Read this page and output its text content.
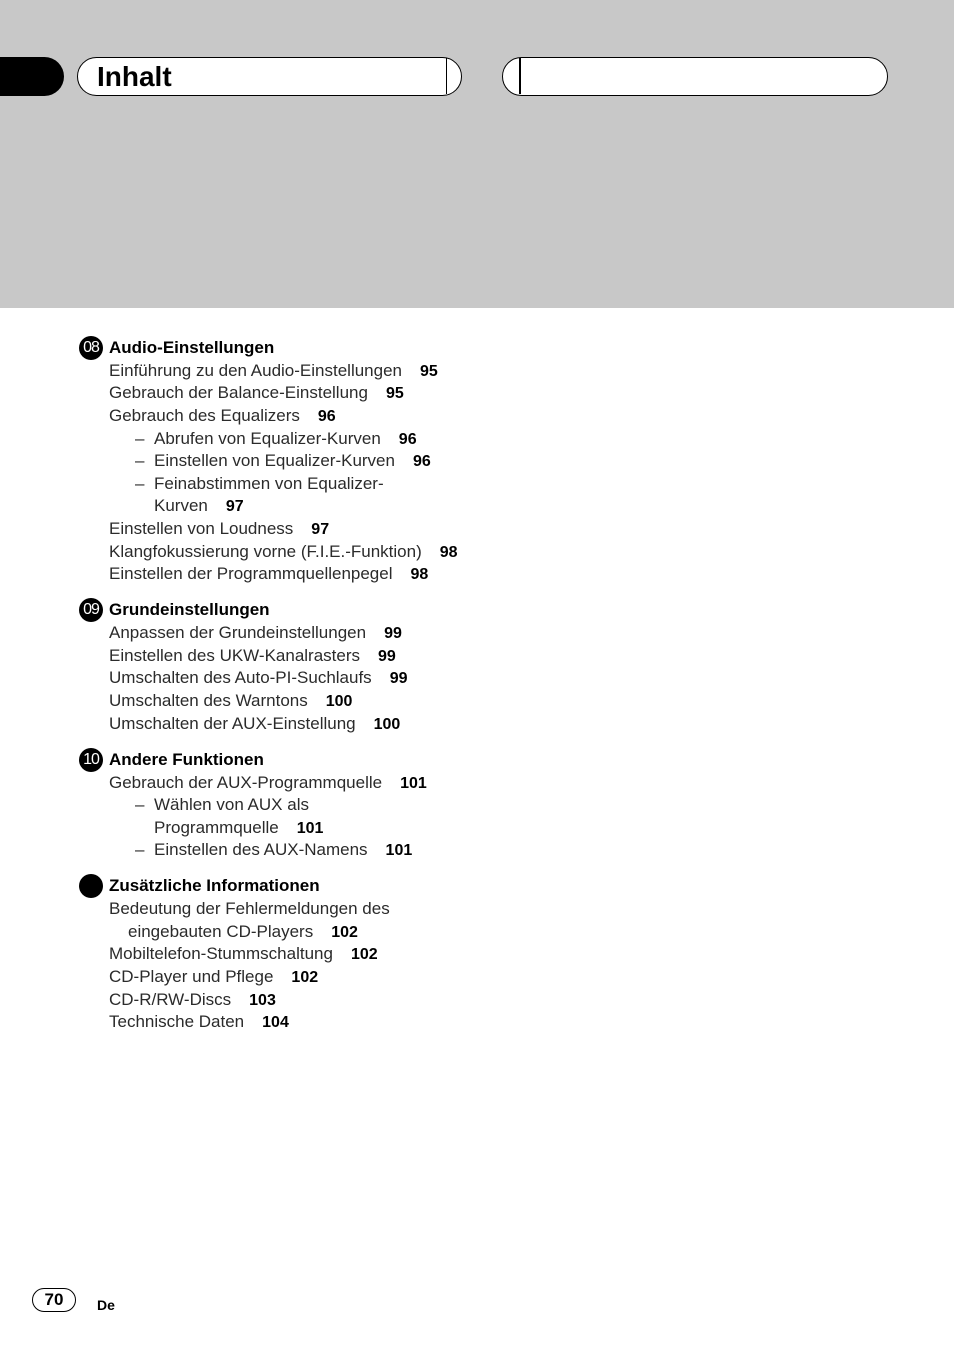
Inhalt
08 Audio-Einstellungen
Einführung zu den Audio-Einstellungen 95
Gebrauch der Balance-Einstellung 95
Gebrauch des Equalizers 96
– Abrufen von Equalizer-Kurven 96
– Einstellen von Equalizer-Kurven 96
– Feinabstimmen von Equalizer-
Kurven 97
Einstellen von Loudness 97
Klangfokussierung vorne (F.I.E.-Funktion) 98
Einstellen der Programmquellenpegel 98
09 Grundeinstellungen
Anpassen der Grundeinstellungen 99
Einstellen des UKW-Kanalrasters 99
Umschalten des Auto-PI-Suchlaufs 99
Umschalten des Warntons 100
Umschalten der AUX-Einstellung 100
10 Andere Funktionen
Gebrauch der AUX-Programmquelle 101
– Wählen von AUX als
Programmquelle 101
– Einstellen des AUX-Namens 101
Zusätzliche Informationen
Bedeutung der Fehlermeldungen des
eingebauten CD-Players 102
Mobiltelefon-Stummschaltung 102
CD-Player und Pflege 102
CD-R/RW-Discs 103
Technische Daten 104
70	De
